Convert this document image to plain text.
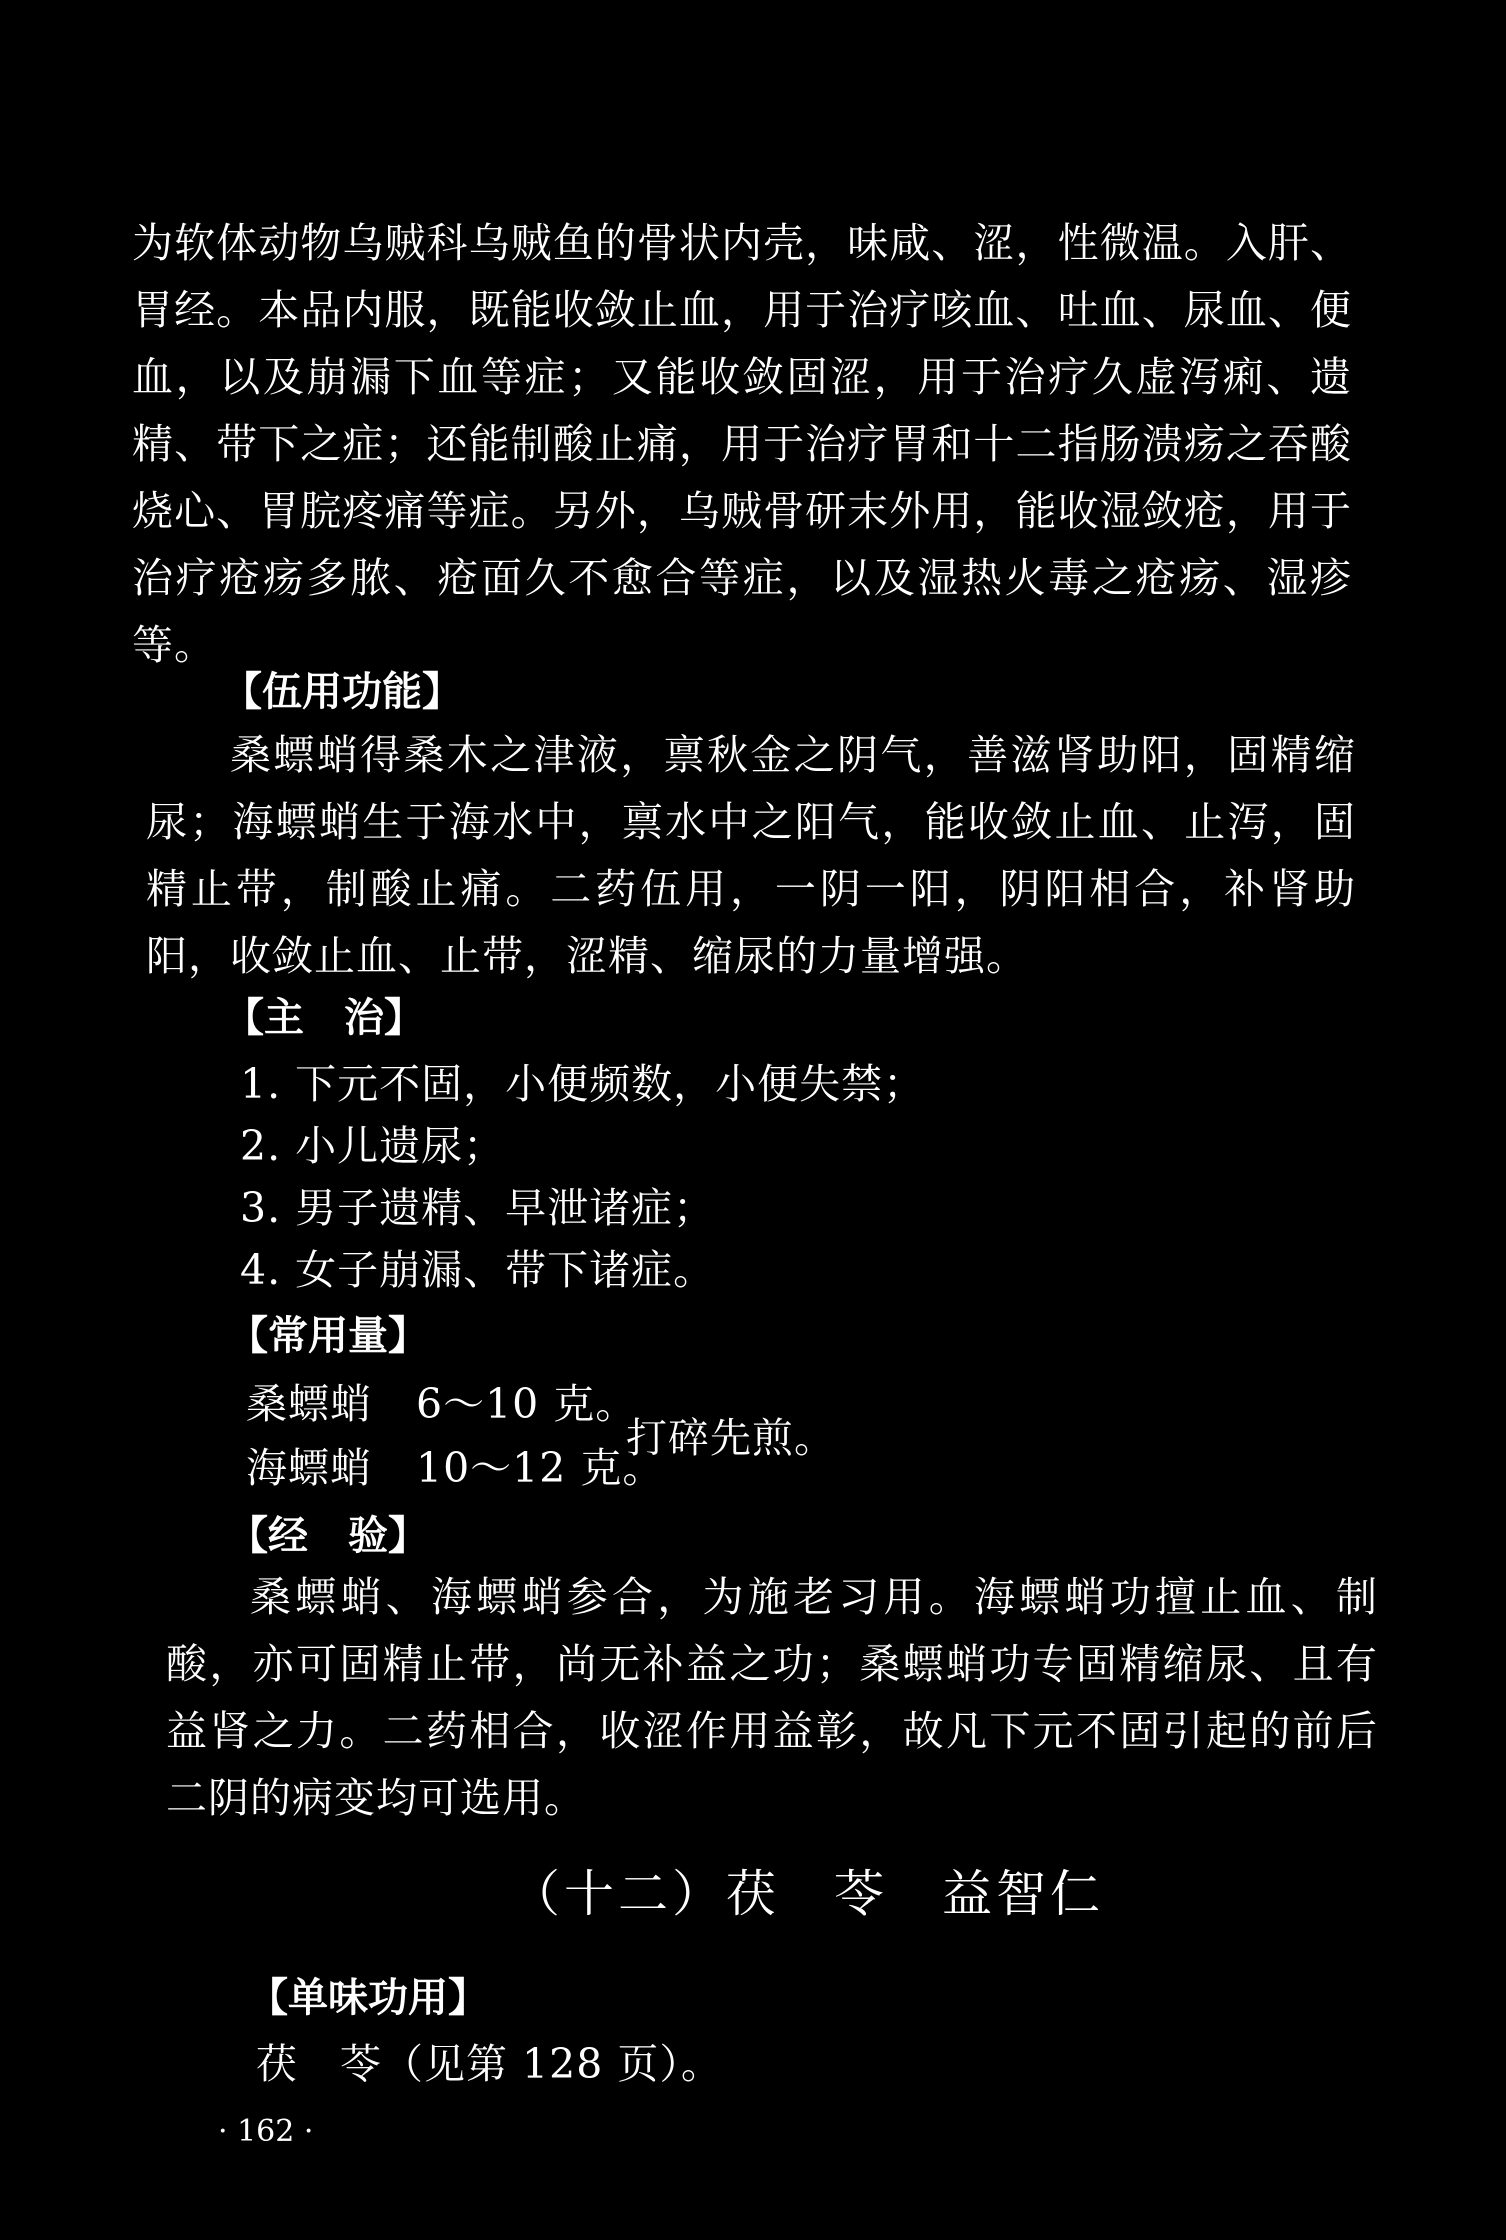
为软体动物乌贼科乌贼鱼的骨状内壳，味咸、涩，性微温。入肝、胃经。本品内服，既能收敛止血，用于治疗咳血、吐血、尿血、便血，以及崩漏下血等症；又能收敛固涩，用于治疗久虚泻痢、遗精、带下之症；还能制酸止痛，用于治疗胃和十二指肠溃疡之吞酸烧心、胃脘疼痛等症。另外，乌贼骨研末外用，能收湿敛疮，用于治疗疮疡多脓、疮面久不愈合等症，以及湿热火毒之疮疡、湿疹等。

【伍用功能】

桑螵蛸得桑木之津液，禀秋金之阴气，善滋肾助阳，固精缩尿；海螵蛸生于海水中，禀水中之阳气，能收敛止血、止泻，固精止带，制酸止痛。二药伍用，一阴一阳，阴阳相合，补肾助阳，收敛止血、止带，涩精、缩尿的力量增强。

【主　治】
1. 下元不固，小便频数，小便失禁；
2. 小儿遗尿；
3. 男子遗精、早泄诸症；
4. 女子崩漏、带下诸症。
【常用量】
桑螵蛸 6～10 克。
海螵蛸 10～12 克。
打碎先煎。
【经　验】

桑螵蛸、海螵蛸参合，为施老习用。海螵蛸功擅止血、制酸，亦可固精止带，尚无补益之功；桑螵蛸功专固精缩尿、且有益肾之力。二药相合，收涩作用益彰，故凡下元不固引起的前后二阴的病变均可选用。

（十二）茯　苓　益智仁
【单味功用】
茯　苓（见第 128 页）。
· 162 ·
